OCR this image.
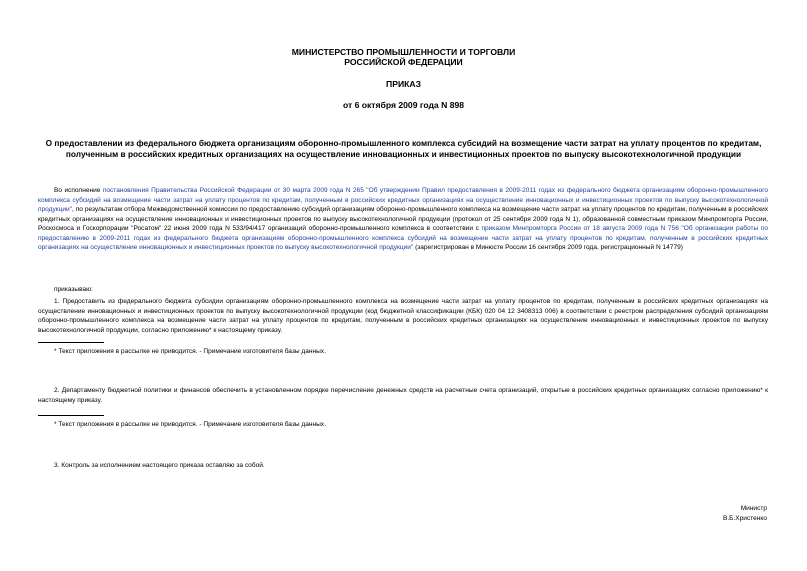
МИНИСТЕРСТВО ПРОМЫШЛЕННОСТИ И ТОРГОВЛИ
РОССИЙСКОЙ ФЕДЕРАЦИИ
ПРИКАЗ
от 6 октября 2009 года N 898
О предоставлении из федерального бюджета организациям оборонно-промышленного комплекса субсидий на возмещение части затрат на уплату процентов по кредитам, полученным в российских кредитных организациях на осуществление инновационных и инвестиционных проектов по выпуску высокотехнологичной продукции

Во исполнение постановления Правительства Российской Федерации от 30 марта 2009 года N 265 "Об утверждении Правил предоставления в 2009-2011 годах из федерального бюджета организациям оборонно-промышленного комплекса субсидий на возмещение части затрат на уплату процентов по кредитам, полученным в российских кредитных организациях на осуществление инновационных и инвестиционных проектов по выпуску высокотехнологичной продукции", по результатам отбора Межведомственной комиссии по предоставлению субсидий организациям оборонно-промышленного комплекса на возмещение части затрат на уплату процентов по кредитам, полученным в российских кредитных организациях на осуществление инновационных и инвестиционных проектов по выпуску высокотехнологичной продукции (протокол от 25 сентября 2009 года N 1), образованной совместным приказом Минпромторга России, Роскосмоса и Госкорпорации "Росатом" 22 июня 2009 года N 533/94/417 организаций оборонно-промышленного комплекса в соответствии с приказом Минпромторга России от 18 августа 2009 года N 756 "Об организации работы по предоставлению в 2009-2011 годах из федерального бюджета организациям оборонно-промышленного комплекса субсидий на возмещение части затрат на уплату процентов по кредитам, полученным в российских кредитных организациях на осуществление инновационных и инвестиционных проектов по выпуску высокотехнологичной продукции" (зарегистрирован в Минюсте России 16 сентября 2009 года, регистрационный N 14779)

приказываю:

1. Предоставить из федерального бюджета субсидии организациям оборонно-промышленного комплекса на возмещение части затрат на уплату процентов по кредитам, полученным в российских кредитных организациях на осуществление инновационных и инвестиционных проектов по выпуску высокотехнологичной продукции (код бюджетной классификации (КБК) 020 04 12 3408313 006) в соответствии с реестром распределения субсидий организациям оборонно-промышленного комплекса на возмещение части затрат на уплату процентов по кредитам, полученным в российских кредитных организациях на осуществление инновационных и инвестиционных проектов по выпуску высокотехнологичной продукции, согласно приложению* к настоящему приказу.

* Текст приложения в рассылке не приводится. - Примечание изготовителя базы данных.

2. Департаменту бюджетной политики и финансов обеспечить в установленном порядке перечисление денежных средств на расчетные счета организаций, открытые в российских кредитных организациях согласно приложению* к настоящему приказу.

* Текст приложения в рассылке не приводится. - Примечание изготовителя базы данных.

3. Контроль за исполнением настоящего приказа оставляю за собой.

Министр

В.Б.Христенко
